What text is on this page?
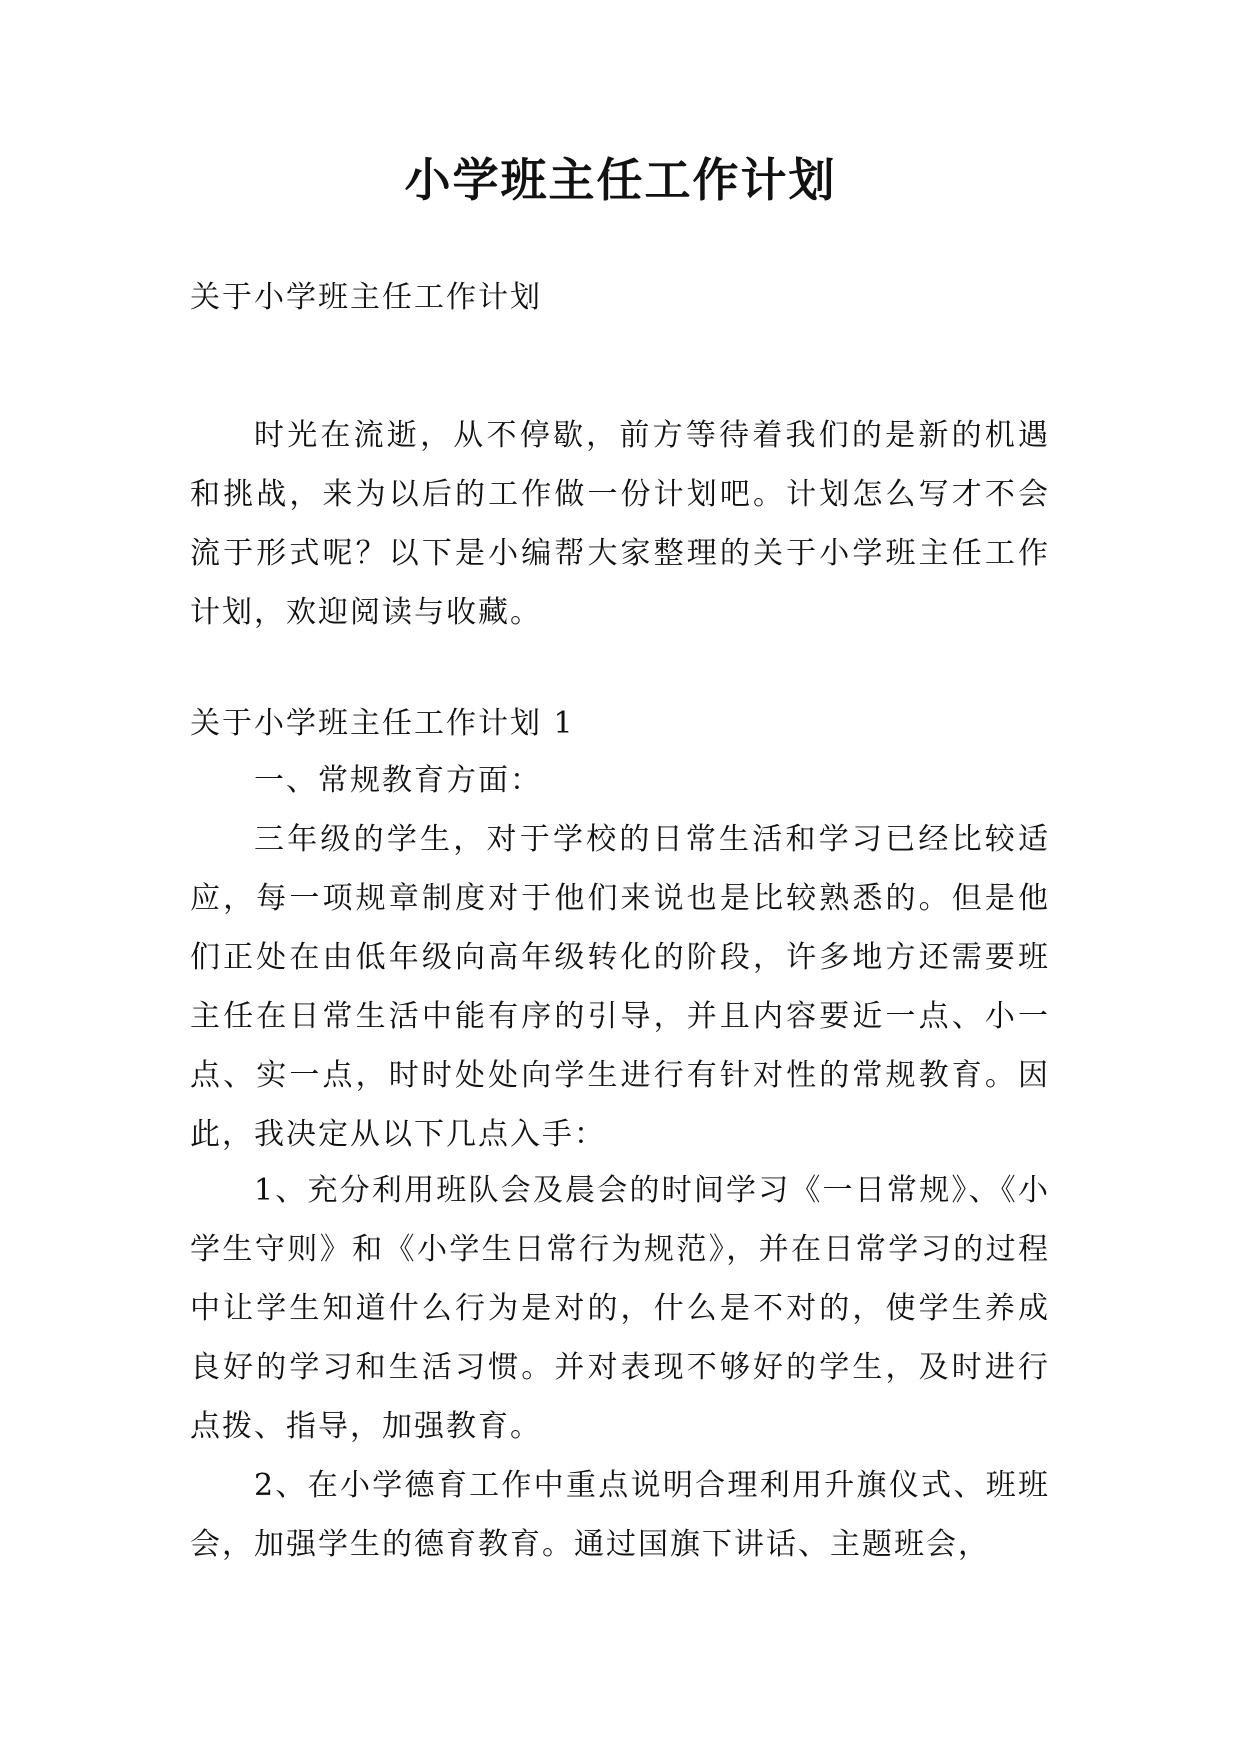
小学班主任工作计划

关于小学班主任工作计划

时光在流逝，从不停歇，前方等待着我们的是新的机遇和挑战，来为以后的工作做一份计划吧。计划怎么写才不会流于形式呢？以下是小编帮大家整理的关于小学班主任工作计划，欢迎阅读与收藏。

关于小学班主任工作计划 1

一、常规教育方面：

三年级的学生，对于学校的日常生活和学习已经比较适应，每一项规章制度对于他们来说也是比较熟悉的。但是他们正处在由低年级向高年级转化的阶段，许多地方还需要班主任在日常生活中能有序的引导，并且内容要近一点、小一点、实一点，时时处处向学生进行有针对性的常规教育。因此，我决定从以下几点入手：

1、充分利用班队会及晨会的时间学习《一日常规》、《小学生守则》和《小学生日常行为规范》，并在日常学习的过程中让学生知道什么行为是对的，什么是不对的，使学生养成良好的学习和生活习惯。并对表现不够好的学生，及时进行点拨、指导，加强教育。

2、在小学德育工作中重点说明合理利用升旗仪式、班班会，加强学生的德育教育。通过国旗下讲话、主题班会，
